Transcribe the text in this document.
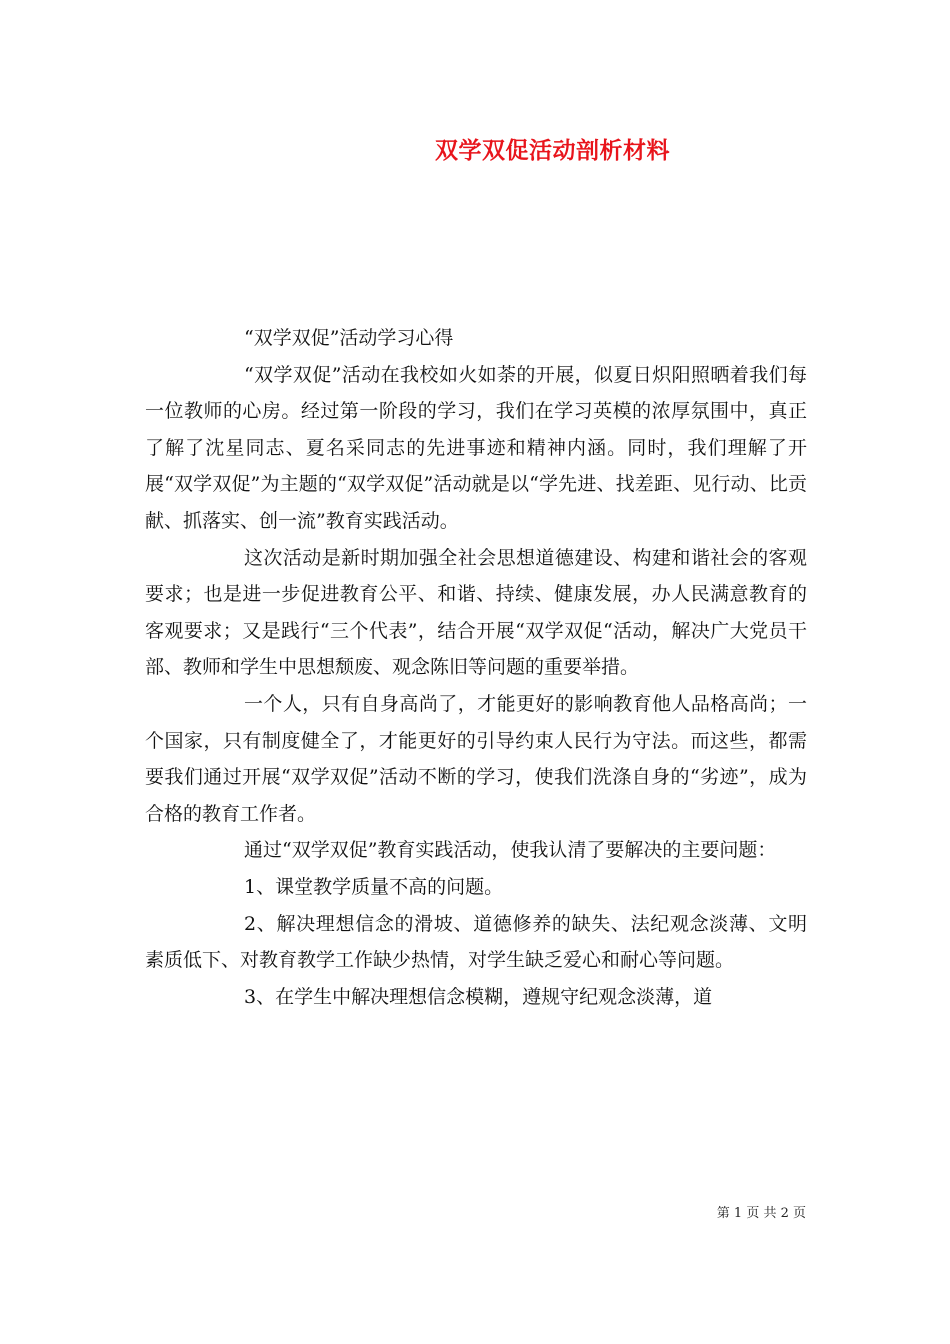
双学双促活动剖析材料

“双学双促”活动学习心得

“双学双促”活动在我校如火如荼的开展，似夏日炽阳照晒着我们每一位教师的心房。经过第一阶段的学习，我们在学习英模的浓厚氛围中，真正了解了沈星同志、夏名采同志的先进事迹和精神内涵。同时，我们理解了开展“双学双促”为主题的“双学双促”活动就是以“学先进、找差距、见行动、比贡献、抓落实、创一流”教育实践活动。

这次活动是新时期加强全社会思想道德建设、构建和谐社会的客观要求；也是进一步促进教育公平、和谐、持续、健康发展，办人民满意教育的客观要求；又是践行“三个代表”，结合开展“双学双促“活动，解决广大党员干部、教师和学生中思想颓废、观念陈旧等问题的重要举措。

一个人，只有自身高尚了，才能更好的影响教育他人品格高尚；一个国家，只有制度健全了，才能更好的引导约束人民行为守法。而这些，都需要我们通过开展“双学双促”活动不断的学习，使我们洗涤自身的“劣迹”，成为合格的教育工作者。

通过“双学双促”教育实践活动，使我认清了要解决的主要问题：

1、课堂教学质量不高的问题。

2、解决理想信念的滑坡、道德修养的缺失、法纪观念淡薄、文明素质低下、对教育教学工作缺少热情，对学生缺乏爱心和耐心等问题。

3、在学生中解决理想信念模糊，遵规守纪观念淡薄，道

第 1 页 共 2 页
